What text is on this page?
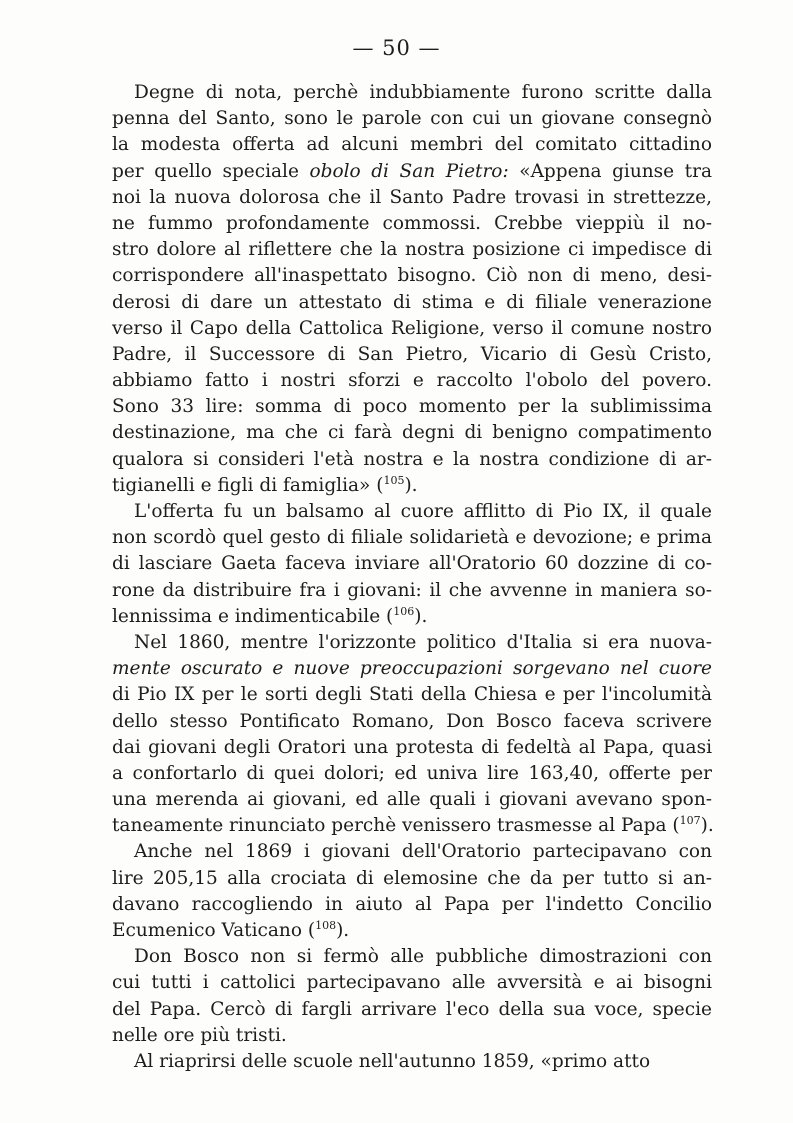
— 50 —
Degne di nota, perchè indubbiamente furono scritte dalla
penna del Santo, sono le parole con cui un giovane consegnò
la modesta offerta ad alcuni membri del comitato cittadino
per quello speciale obolo di San Pietro: «Appena giunse tra
noi la nuova dolorosa che il Santo Padre trovasi in strettezze,
ne fummo profondamente commossi. Crebbe vieppiù il no-
stro dolore al riflettere che la nostra posizione ci impedisce di
corrispondere all'inaspettato bisogno. Ciò non di meno, desi-
derosi di dare un attestato di stima e di filiale venerazione
verso il Capo della Cattolica Religione, verso il comune nostro
Padre, il Successore di San Pietro, Vicario di Gesù Cristo,
abbiamo fatto i nostri sforzi e raccolto l'obolo del povero.
Sono 33 lire: somma di poco momento per la sublimissima
destinazione, ma che ci farà degni di benigno compatimento
qualora si consideri l'età nostra e la nostra condizione di ar-
tigianelli e figli di famiglia» ($^{105}$).
L'offerta fu un balsamo al cuore afflitto di Pio IX, il quale
non scordò quel gesto di filiale solidarietà e devozione; e prima
di lasciare Gaeta faceva inviare all'Oratorio 60 dozzine di co-
rone da distribuire fra i giovani: il che avvenne in maniera so-
lennissima e indimenticabile ($^{106}$).
Nel 1860, mentre l'orizzonte politico d'Italia si era nuova-
mente oscurato e nuove preoccupazioni sorgevano nel cuore
di Pio IX per le sorti degli Stati della Chiesa e per l'incolumità
dello stesso Pontificato Romano, Don Bosco faceva scrivere
dai giovani degli Oratori una protesta di fedeltà al Papa, quasi
a confortarlo di quei dolori; ed univa lire 163,40, offerte per
una merenda ai giovani, ed alle quali i giovani avevano spon-
taneamente rinunciato perchè venissero trasmesse al Papa ($^{107}$).
Anche nel 1869 i giovani dell'Oratorio partecipavano con
lire 205,15 alla crociata di elemosine che da per tutto si an-
davano raccogliendo in aiuto al Papa per l'indetto Concilio
Ecumenico Vaticano ($^{108}$).
Don Bosco non si fermò alle pubbliche dimostrazioni con
cui tutti i cattolici partecipavano alle avversità e ai bisogni
del Papa. Cercò di fargli arrivare l'eco della sua voce, specie
nelle ore più tristi.
Al riaprirsi delle scuole nell'autunno 1859, «primo atto
